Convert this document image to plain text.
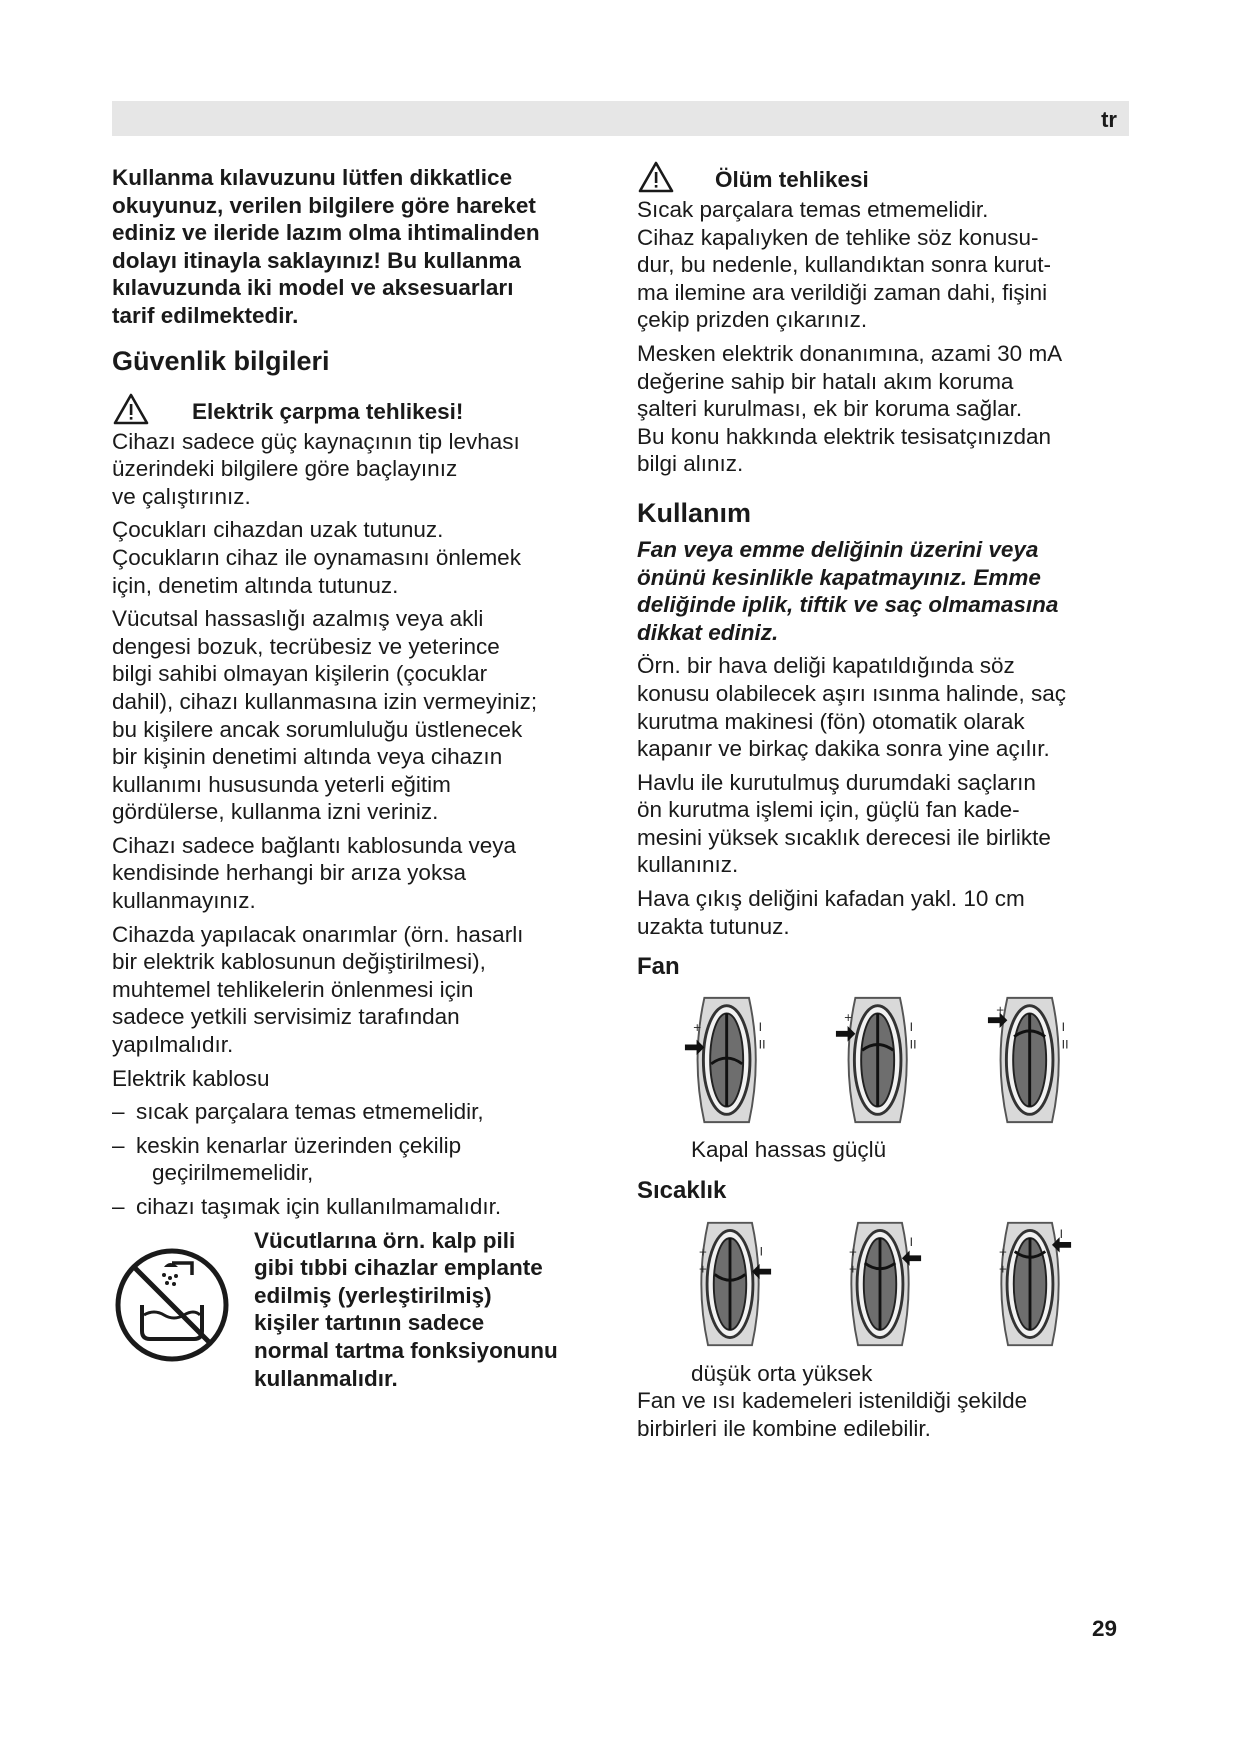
tr
Kullanma kılavuzunu lütfen dikkatlice
okuyunuz, verilen bilgilere göre hareket
ediniz ve ileride lazım olma ihtimalinden
dolayı itinayla saklayınız! Bu kullanma
kılavuzunda iki model ve aksesuarları
tarif edilmektedir.
Güvenlik bilgileri
Elektrik çarpma tehlikesi!
Cihazı sadece güç kaynaçının tip levhası
üzerindeki bilgilere göre baçlayınız
ve çalıştırınız.
Çocukları cihazdan uzak tutunuz.
Çocukların cihaz ile oynamasını önlemek
için, denetim altında tutunuz.
Vücutsal hassaslığı azalmış veya akli
dengesi bozuk, tecrübesiz ve yeterince
bilgi sahibi olmayan kişilerin (çocuklar
dahil), cihazı kullanmasına izin vermeyiniz;
bu kişilere ancak sorumluluğu üstlenecek
bir kişinin denetimi altında veya cihazın
kullanımı hususunda yeterli eğitim
gördülerse, kullanma izni veriniz.
Cihazı sadece bağlantı kablosunda veya
kendisinde herhangi bir arıza yoksa
kullanmayınız.
Cihazda yapılacak onarımlar (örn. hasarlı
bir elektrik kablosunun değiştirilmesi),
muhtemel tehlikelerin önlenmesi için
sadece yetkili servisimiz tarafından
yapılmalıdır.
Elektrik kablosu
– sıcak parçalara temas etmemelidir,
– keskin kenarlar üzerinden çekilip
geçirilmemelidir,
– cihazı taşımak için kullanılmamalıdır.
Vücutlarına örn. kalp pili
gibi tıbbi cihazlar emplante
edilmiş (yerleştirilmiş)
kişiler tartının sadece
normal tartma fonksiyonunu
kullanmalıdır.
Ölüm tehlikesi
Sıcak parçalara temas etmemelidir.
Cihaz kapalıyken de tehlike söz konusu-
dur, bu nedenle, kullandıktan sonra kurut-
ma ilemine ara verildiği zaman dahi, fişini
çekip prizden çıkarınız.
Mesken elektrik donanımına, azami 30 mA
değerine sahip bir hatalı akım koruma
şalteri kurulması, ek bir koruma sağlar.
Bu konu hakkında elektrik tesisatçınızdan
bilgi alınız.
Kullanım
Fan veya emme deliğinin üzerini veya
önünü kesinlikle kapatmayınız. Emme
deliğinde iplik, tiftik ve saç olmamasına
dikkat ediniz.
Örn. bir hava deliği kapatıldığında söz
konusu olabilecek aşırı ısınma halinde, saç
kurutma makinesi (fön) otomatik olarak
kapanır ve birkaç dakika sonra yine açılır.
Havlu ile kurutulmuş durumdaki saçların
ön kurutma işlemi için, güçlü fan kade-
mesini yüksek sıcaklık derecesi ile birlikte
kullanınız.
Hava çıkış deliğini kafadan yakl. 10 cm
uzakta tutunuz.
Fan
I
II
+	I
II
+
I
II
+
Kapal hassas güçlü
Sıcaklık
+
+
I	+
+
I
+
+
I
düşük orta yüksek
Fan ve ısı kademeleri istenildiği şekilde
birbirleri ile kombine edilebilir.
29
